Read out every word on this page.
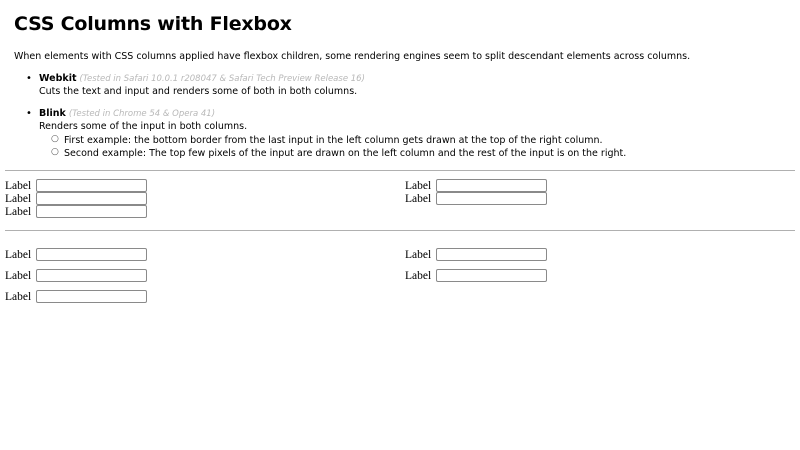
CSS Columns with Flexbox

When elements with CSS columns applied have flexbox children, some rendering engines seem to split descendant elements across columns.

• Webkit (Tested in Safari 10.0.1 r208047 & Safari Tech Preview Release 16)
Cuts the text and input and renders some of both in both columns.
• Blink (Tested in Chrome 54 & Opera 41)
Renders some of the input in both columns.
○ First example: the bottom border from the last input in the left column gets drawn at the top of the right column.
○ Second example: The top few pixels of the input are drawn on the left column and the rest of the input is on the right.
Label
Label
Label
Label
Label
Label
Label
Label
Label
Label
